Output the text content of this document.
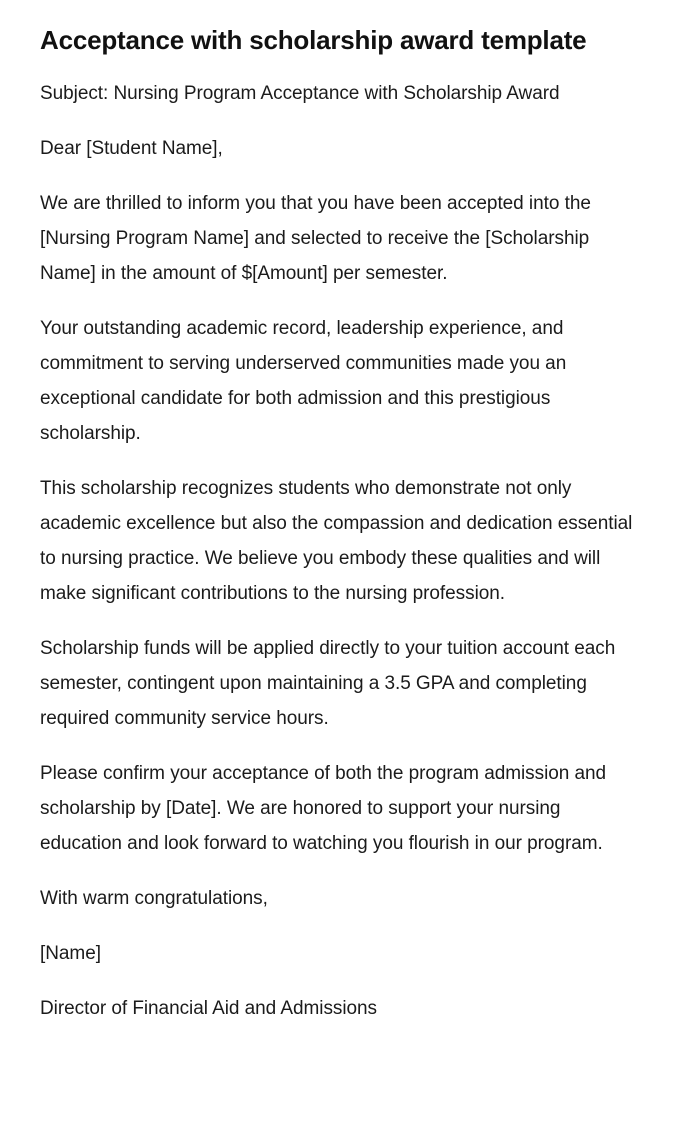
Acceptance with scholarship award template

Subject: Nursing Program Acceptance with Scholarship Award

Dear [Student Name],

We are thrilled to inform you that you have been accepted into the [Nursing Program Name] and selected to receive the [Scholarship Name] in the amount of $[Amount] per semester.

Your outstanding academic record, leadership experience, and commitment to serving underserved communities made you an exceptional candidate for both admission and this prestigious scholarship.

This scholarship recognizes students who demonstrate not only academic excellence but also the compassion and dedication essential to nursing practice. We believe you embody these qualities and will make significant contributions to the nursing profession.

Scholarship funds will be applied directly to your tuition account each semester, contingent upon maintaining a 3.5 GPA and completing required community service hours.

Please confirm your acceptance of both the program admission and scholarship by [Date]. We are honored to support your nursing education and look forward to watching you flourish in our program.

With warm congratulations,

[Name]

Director of Financial Aid and Admissions
